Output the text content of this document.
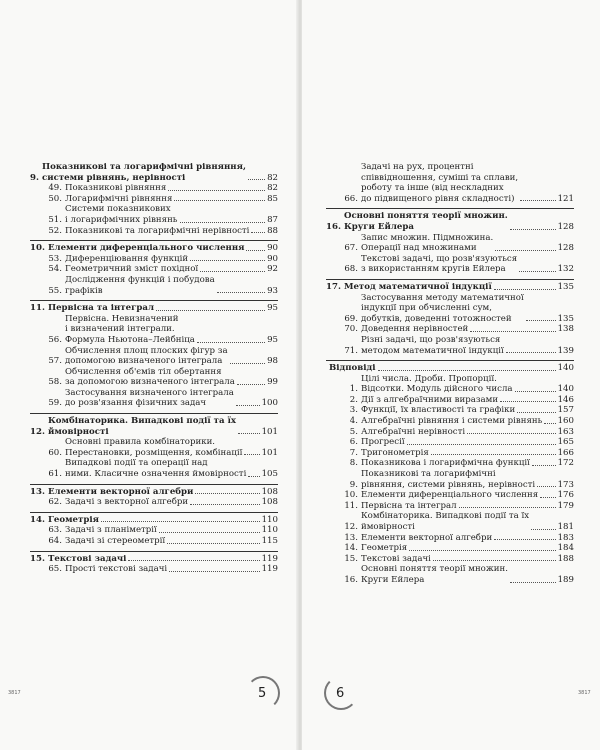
9.
Показникові та логарифмічні рівняння,
системи рівнянь, нерівності	82
49. Показникові рівняння	82
50. Логарифмічні рівняння	85
51.
Системи показникових
і логарифмічних рівнянь	87
52. Показникові та логарифмічні нерівності 88
10. Елементи диференціального числення	90
53. Диференціювання функцій	90
54. Геометричний зміст похідної	92
55.
Дослідження функцій і побудова
графіків	93
11. Первісна та інтеграл	95
56.
Первісна. Невизначений
і визначений інтеграли.
Формула Ньютона–Лейбніца	95
57.
Обчислення площ плоских фігур за
допомогою визначеного інтеграла	98
58.
Обчислення об'ємів тіл обертання
за допомогою визначеного інтеграла	99
59.
Застосування визначеного інтеграла
до розв'язання фізичних задач	100
12.
Комбінаторика. Випадкові події та їх
ймовірності	101
60.
Основні правила комбінаторики.
Перестановки, розміщення, комбінації 101
61.
Випадкові події та операції над
ними. Класичне означення ймовірності 105
13. Елементи векторної алгебри	108
62. Задачі з векторної алгебри	108
14. Геометрія	110
63. Задачі з планіметрії	110
64. Задачі зі стереометрії	115
15. Текстові задачі	119
65. Прості текстові задачі	119
5
3817
66.
Задачі на рух, процентні
співвідношення, суміші та сплави,
роботу та інше (від нескладних
до підвищеного рівня складності)	121
16.
Основні поняття теорії множин.
Круги Ейлера	128
67.
Запис множин. Підмножина.
Операції над множинами	128
68.
Текстові задачі, що розв'язуються
з використанням кругів Ейлера	132
17. Метод математичної індукції	135
69.
Застосування методу математичної
індукції при обчисленні сум,
добутків, доведенні тотожностей	135
70. Доведення нерівностей	138
71.
Різні задачі, що розв'язуються
методом математичної індукції	139
Відповіді	140
1.
Цілі числа. Дроби. Пропорції.
Відсотки. Модуль дійсного числа	140
2. Дії з алгебраїчними виразами	146
3. Функції, їх властивості та графіки	157
4. Алгебраїчні рівняння і системи рівнянь 160
5. Алгебраїчні нерівності	163
6. Прогресії	165
7. Тригонометрія	166
8. Показникова і логарифмічна функції	172
9.
Показникові та логарифмічні
рівняння, системи рівнянь, нерівності	173
10. Елементи диференціального числення 176
11. Первісна та інтеграл	179
12.
Комбінаторика. Випадкові події та їх
ймовірності	181
13. Елементи векторної алгебри	183
14. Геометрія	184
15. Текстові задачі	188
16.
Основні поняття теорії множин.
Круги Ейлера	189
6	3817
